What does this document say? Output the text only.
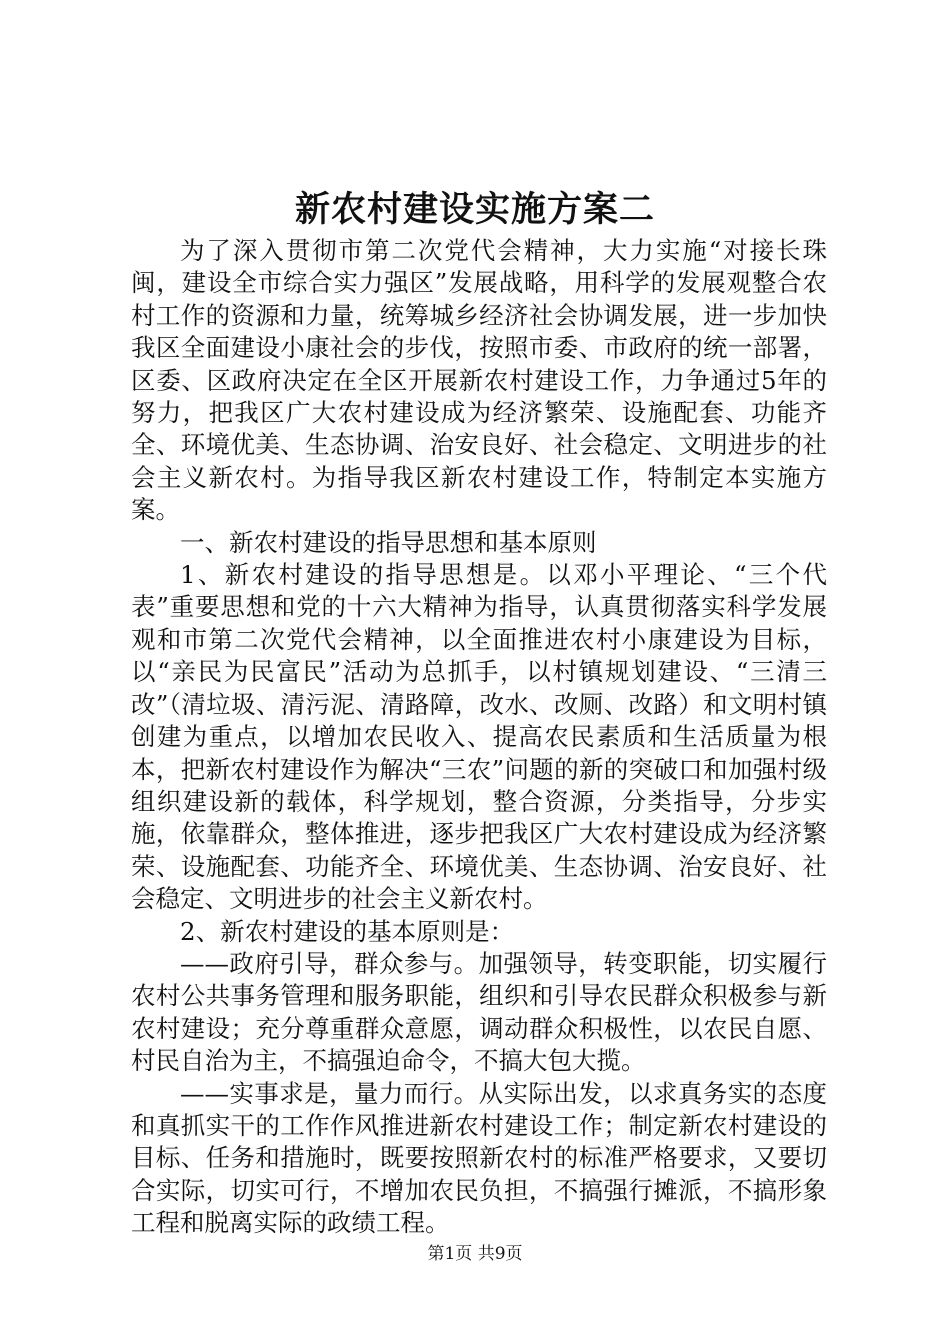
新农村建设实施方案二

为了深入贯彻市第二次党代会精神，大力实施“对接长珠闽，建设全市综合实力强区”发展战略，用科学的发展观整合农村工作的资源和力量，统筹城乡经济社会协调发展，进一步加快我区全面建设小康社会的步伐，按照市委、市政府的统一部署，区委、区政府决定在全区开展新农村建设工作，力争通过5年的努力，把我区广大农村建设成为经济繁荣、设施配套、功能齐全、环境优美、生态协调、治安良好、社会稳定、文明进步的社会主义新农村。为指导我区新农村建设工作，特制定本实施方案。

一、新农村建设的指导思想和基本原则

1、新农村建设的指导思想是。以邓小平理论、“三个代表”重要思想和党的十六大精神为指导，认真贯彻落实科学发展观和市第二次党代会精神，以全面推进农村小康建设为目标，以“亲民为民富民”活动为总抓手，以村镇规划建设、“三清三改”（清垃圾、清污泥、清路障，改水、改厕、改路）和文明村镇创建为重点，以增加农民收入、提高农民素质和生活质量为根本，把新农村建设作为解决“三农”问题的新的突破口和加强村级组织建设新的载体，科学规划，整合资源，分类指导，分步实施，依靠群众，整体推进，逐步把我区广大农村建设成为经济繁荣、设施配套、功能齐全、环境优美、生态协调、治安良好、社会稳定、文明进步的社会主义新农村。

2、新农村建设的基本原则是：

——政府引导，群众参与。加强领导，转变职能，切实履行农村公共事务管理和服务职能，组织和引导农民群众积极参与新农村建设；充分尊重群众意愿，调动群众积极性，以农民自愿、村民自治为主，不搞强迫命令，不搞大包大揽。

——实事求是，量力而行。从实际出发，以求真务实的态度和真抓实干的工作作风推进新农村建设工作；制定新农村建设的目标、任务和措施时，既要按照新农村的标准严格要求，又要切合实际，切实可行，不增加农民负担，不搞强行摊派，不搞形象工程和脱离实际的政绩工程。

第1页 共9页
